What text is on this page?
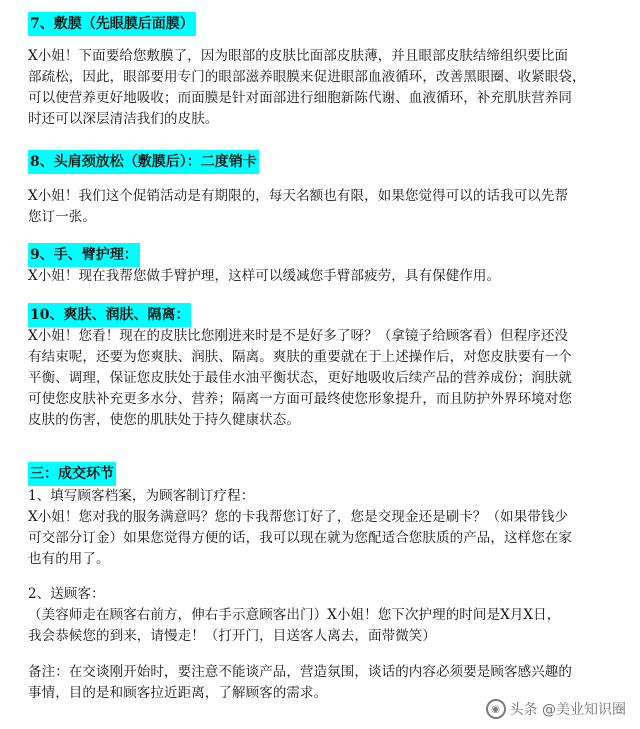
7、敷膜（先眼膜后面膜）

X小姐！下面要给您敷膜了，因为眼部的皮肤比面部皮肤薄，并且眼部皮肤结缔组织要比面

部疏松，因此，眼部要用专门的眼部滋养眼膜来促进眼部血液循环，改善黑眼圈、收紧眼袋，

可以使营养更好地吸收；而面膜是针对面部进行细胞新陈代谢、血液循环，补充肌肤营养同

时还可以深层清洁我们的皮肤。

8、头肩颈放松（敷膜后）：二度销卡

X小姐！我们这个促销活动是有期限的，每天名额也有限，如果您觉得可以的话我可以先帮

您订一张。

9、手、臂护理：

X小姐！现在我帮您做手臂护理，这样可以缓减您手臂部疲劳，具有保健作用。

10、爽肤、润肤、隔离：

X小姐！您看！现在的皮肤比您刚进来时是不是好多了呀？（拿镜子给顾客看）但程序还没

有结束呢，还要为您爽肤、润肤、隔离。爽肤的重要就在于上述操作后，对您皮肤要有一个

平衡、调理，保证您皮肤处于最佳水油平衡状态，更好地吸收后续产品的营养成份；润肤就

可使您皮肤补充更多水分、营养；隔离一方面可最终使您形象提升，而且防护外界环境对您

皮肤的伤害，使您的肌肤处于持久健康状态。

三：成交环节

1、填写顾客档案，为顾客制订疗程：

X小姐！您对我的服务满意吗？您的卡我帮您订好了，您是交现金还是刷卡？（如果带钱少

可交部分订金）如果您觉得方便的话，我可以现在就为您配适合您肤质的产品，这样您在家

也有的用了。

2、送顾客：

（美容师走在顾客右前方，伸右手示意顾客出门）X小姐！您下次护理的时间是X月X日，

我会恭候您的到来，请慢走！（打开门，目送客人离去，面带微笑）

备注：在交谈刚开始时，要注意不能谈产品，营造氛围，谈话的内容必须要是顾客感兴趣的

事情，目的是和顾客拉近距离，了解顾客的需求。

◉ 头条 @美业知识圈
